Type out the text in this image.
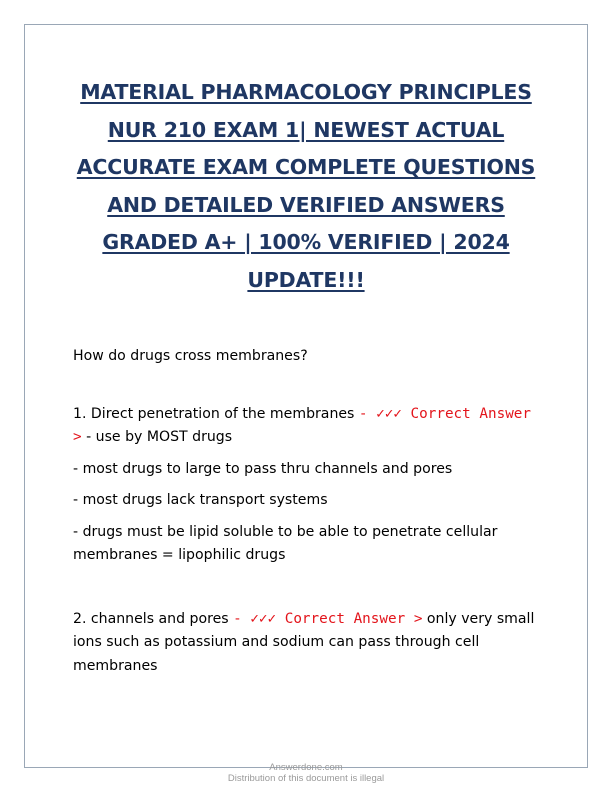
MATERIAL PHARMACOLOGY PRINCIPLES NUR 210 EXAM 1| NEWEST ACTUAL ACCURATE EXAM COMPLETE QUESTIONS AND DETAILED VERIFIED ANSWERS GRADED A+ | 100% VERIFIED | 2024 UPDATE!!!

How do drugs cross membranes?

1. Direct penetration of the membranes - ✓✓✓ Correct Answer > - use by MOST drugs

- most drugs to large to pass thru channels and pores

- most drugs lack transport systems

- drugs must be lipid soluble to be able to penetrate cellular membranes = lipophilic drugs

2. channels and pores - ✓✓✓ Correct Answer > only very small ions such as potassium and sodium can pass through cell membranes

Answerdone.com
Distribution of this document is illegal
